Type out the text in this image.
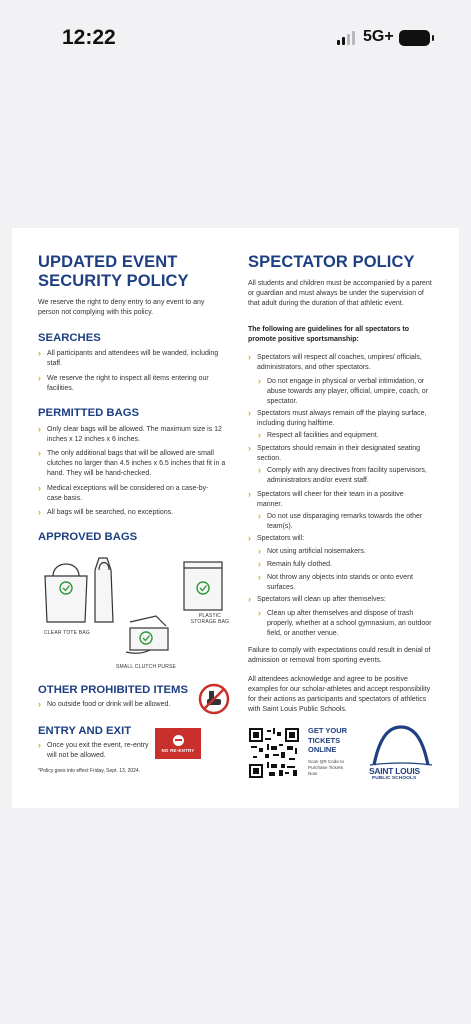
12:22	5G+
UPDATED EVENT
SECURITY POLICY
We reserve the right to deny entry to any event to any person not complying with this policy.
SEARCHES
› All participants and attendees will be wanded, including staff.
› We reserve the right to inspect all items entering our facilities.
PERMITTED BAGS
› Only clear bags will be allowed. The maximum size is 12 inches x 12 inches x 6 inches.
› The only additional bags that will be allowed are small clutches no larger than 4.5 inches x 6.5 inches that fit in a hand. They will be hand-checked.
› Medical exceptions will be considered on a case-by-case basis.
› All bags will be searched, no exceptions.
APPROVED BAGS
CLEAR TOTE BAG
PLASTIC STORAGE BAG
SMALL CLUTCH PURSE
OTHER PROHIBITED ITEMS
› No outside food or drink will be allowed.
ENTRY AND EXIT
› Once you exit the event, re-entry will not be allowed.
NO RE-ENTRY
*Policy goes into effect Friday, Sept. 13, 2024.
SPECTATOR POLICY
All students and children must be accompanied by a parent or guardian and must always be under the supervision of that adult during the duration of that athletic event.
The following are guidelines for all spectators to promote positive sportsmanship:
› Spectators will respect all coaches, umpires/ officials, administrators, and other spectators.
› Do not engage in physical or verbal intimidation, or abuse towards any player, official, umpire, coach, or spectator.
› Spectators must always remain off the playing surface, including during halftime.
› Respect all facilities and equipment.
› Spectators should remain in their designated seating section.
› Comply with any directives from facility supervisors, administrators and/or event staff.
› Spectators will cheer for their team in a positive manner.
› Do not use disparaging remarks towards the other team(s).
› Spectators will:
› Not using artificial noisemakers.
› Remain fully clothed.
› Not throw any objects into stands or onto event surfaces.
› Spectators will clean up after themselves:
› Clean up after themselves and dispose of trash properly, whether at a school gymnasium, an outdoor field, or another venue.
Failure to comply with expectations could result in denial of admission or removal from sporting events.
All attendees acknowledge and agree to be positive examples for our scholar-athletes and accept responsibility for their actions as participants and spectators of athletics with Saint Louis Public Schools.
GET YOUR TICKETS ONLINE
Scan QR Code to Purchase Tickets Now	SAINT LOUIS
PUBLIC SCHOOLS
